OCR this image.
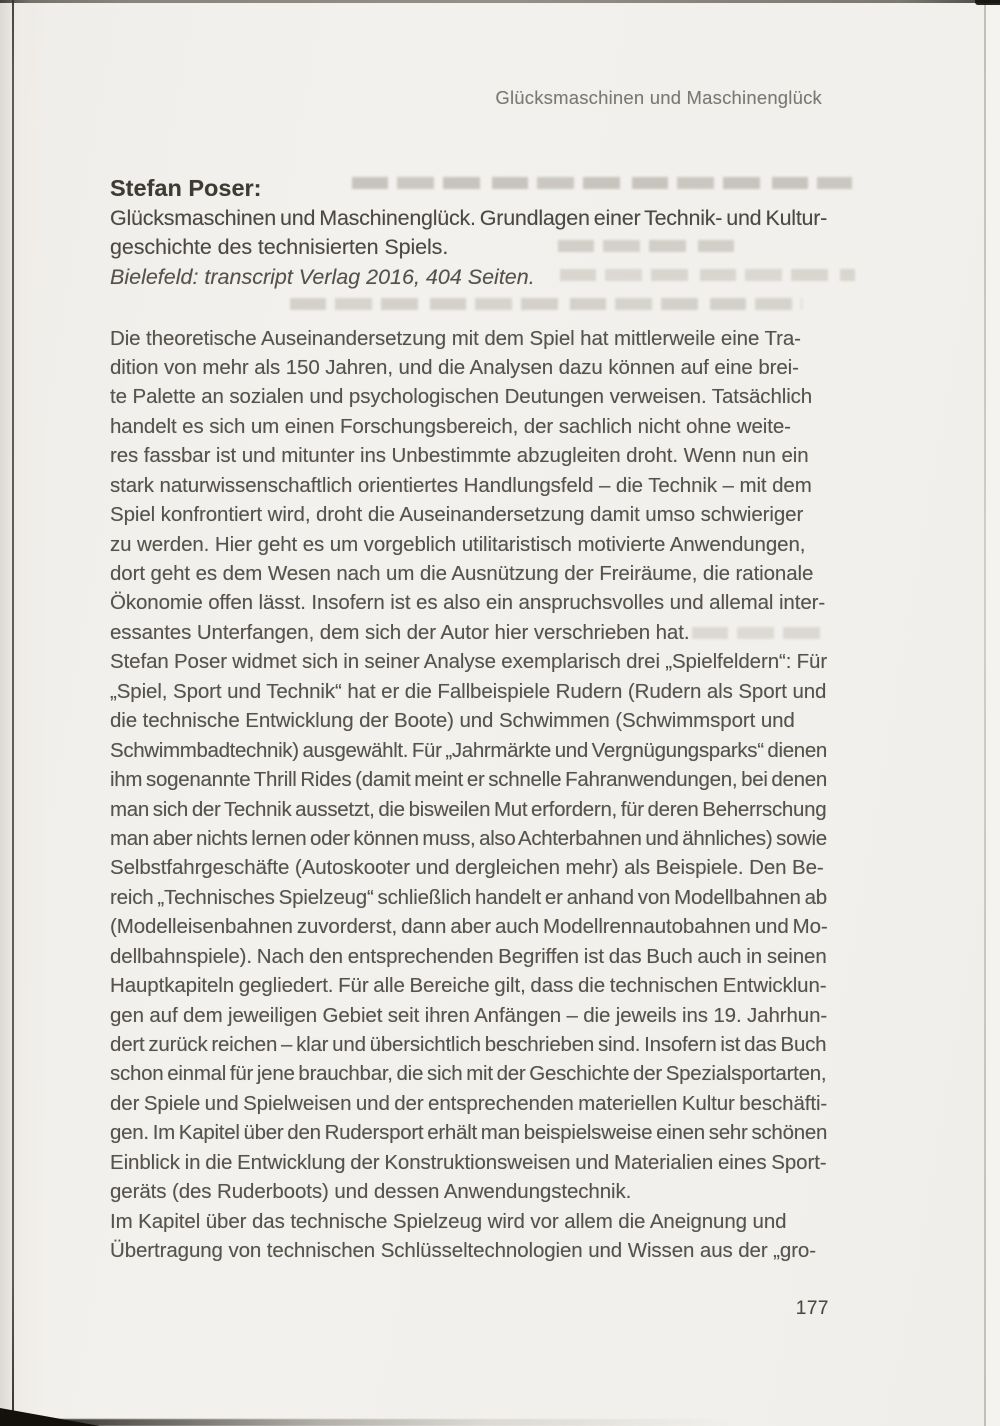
Glücksmaschinen und Maschinenglück
Stefan Poser:
Glücksmaschinen und Maschinenglück. Grundlagen einer Technik- und Kultur-
geschichte des technisierten Spiels.
Bielefeld: transcript Verlag 2016, 404 Seiten.
Die theoretische Auseinandersetzung mit dem Spiel hat mittlerweile eine Tra-
dition von mehr als 150 Jahren, und die Analysen dazu können auf eine brei-
te Palette an sozialen und psychologischen Deutungen verweisen. Tatsächlich
handelt es sich um einen Forschungsbereich, der sachlich nicht ohne weite-
res fassbar ist und mitunter ins Unbestimmte abzugleiten droht. Wenn nun ein
stark naturwissenschaftlich orientiertes Handlungsfeld – die Technik – mit dem
Spiel konfrontiert wird, droht die Auseinandersetzung damit umso schwieriger
zu werden. Hier geht es um vorgeblich utilitaristisch motivierte Anwendungen,
dort geht es dem Wesen nach um die Ausnützung der Freiräume, die rationale
Ökonomie offen lässt. Insofern ist es also ein anspruchsvolles und allemal inter-
essantes Unterfangen, dem sich der Autor hier verschrieben hat.
Stefan Poser widmet sich in seiner Analyse exemplarisch drei „Spielfeldern“: Für
„Spiel, Sport und Technik“ hat er die Fallbeispiele Rudern (Rudern als Sport und
die technische Entwicklung der Boote) und Schwimmen (Schwimmsport und
Schwimmbadtechnik) ausgewählt. Für „Jahrmärkte und Vergnügungsparks“ dienen
ihm sogenannte Thrill Rides (damit meint er schnelle Fahranwendungen, bei denen
man sich der Technik aussetzt, die bisweilen Mut erfordern, für deren Beherrschung
man aber nichts lernen oder können muss, also Achterbahnen und ähnliches) sowie
Selbstfahrgeschäfte (Autoskooter und dergleichen mehr) als Beispiele. Den Be-
reich „Technisches Spielzeug“ schließlich handelt er anhand von Modellbahnen ab
(Modelleisenbahnen zuvorderst, dann aber auch Modellrennautobahnen und Mo-
dellbahnspiele). Nach den entsprechenden Begriffen ist das Buch auch in seinen
Hauptkapiteln gegliedert. Für alle Bereiche gilt, dass die technischen Entwicklun-
gen auf dem jeweiligen Gebiet seit ihren Anfängen – die jeweils ins 19. Jahrhun-
dert zurück reichen – klar und übersichtlich beschrieben sind. Insofern ist das Buch
schon einmal für jene brauchbar, die sich mit der Geschichte der Spezialsportarten,
der Spiele und Spielweisen und der entsprechenden materiellen Kultur beschäfti-
gen. Im Kapitel über den Rudersport erhält man beispielsweise einen sehr schönen
Einblick in die Entwicklung der Konstruktionsweisen und Materialien eines Sport-
geräts (des Ruderboots) und dessen Anwendungstechnik.
Im Kapitel über das technische Spielzeug wird vor allem die Aneignung und
Übertragung von technischen Schlüsseltechnologien und Wissen aus der „gro-
177
